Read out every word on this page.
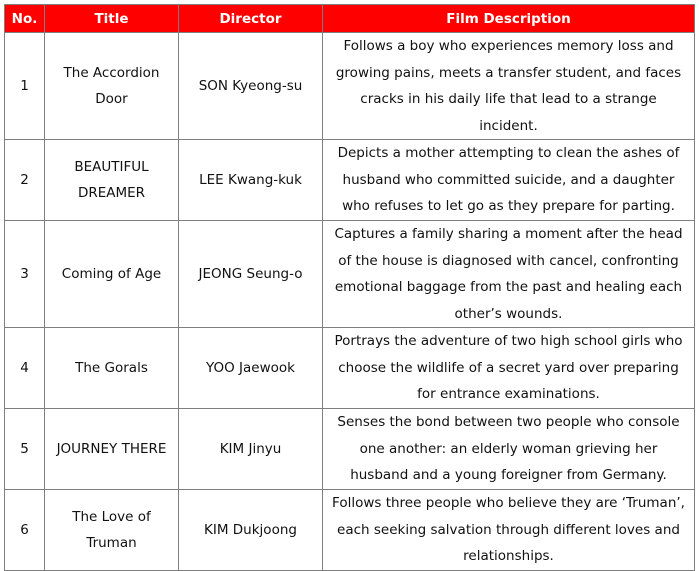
No.	Title	Director	Film Description
1	The Accordion Door	SON Kyeong-su	Follows a boy who experiences memory loss and growing pains, meets a transfer student, and faces cracks in his daily life that lead to a strange incident.
2	BEAUTIFUL DREAMER	LEE Kwang-kuk	Depicts a mother attempting to clean the ashes of husband who committed suicide, and a daughter who refuses to let go as they prepare for parting.
3	Coming of Age	JEONG Seung-o	Captures a family sharing a moment after the head of the house is diagnosed with cancel, confronting emotional baggage from the past and healing each other’s wounds.
4	The Gorals	YOO Jaewook	Portrays the adventure of two high school girls who choose the wildlife of a secret yard over preparing for entrance examinations.
5	JOURNEY THERE	KIM Jinyu	Senses the bond between two people who console one another: an elderly woman grieving her husband and a young foreigner from Germany.
6	The Love of Truman	KIM Dukjoong	Follows three people who believe they are ‘Truman’, each seeking salvation through different loves and relationships.
